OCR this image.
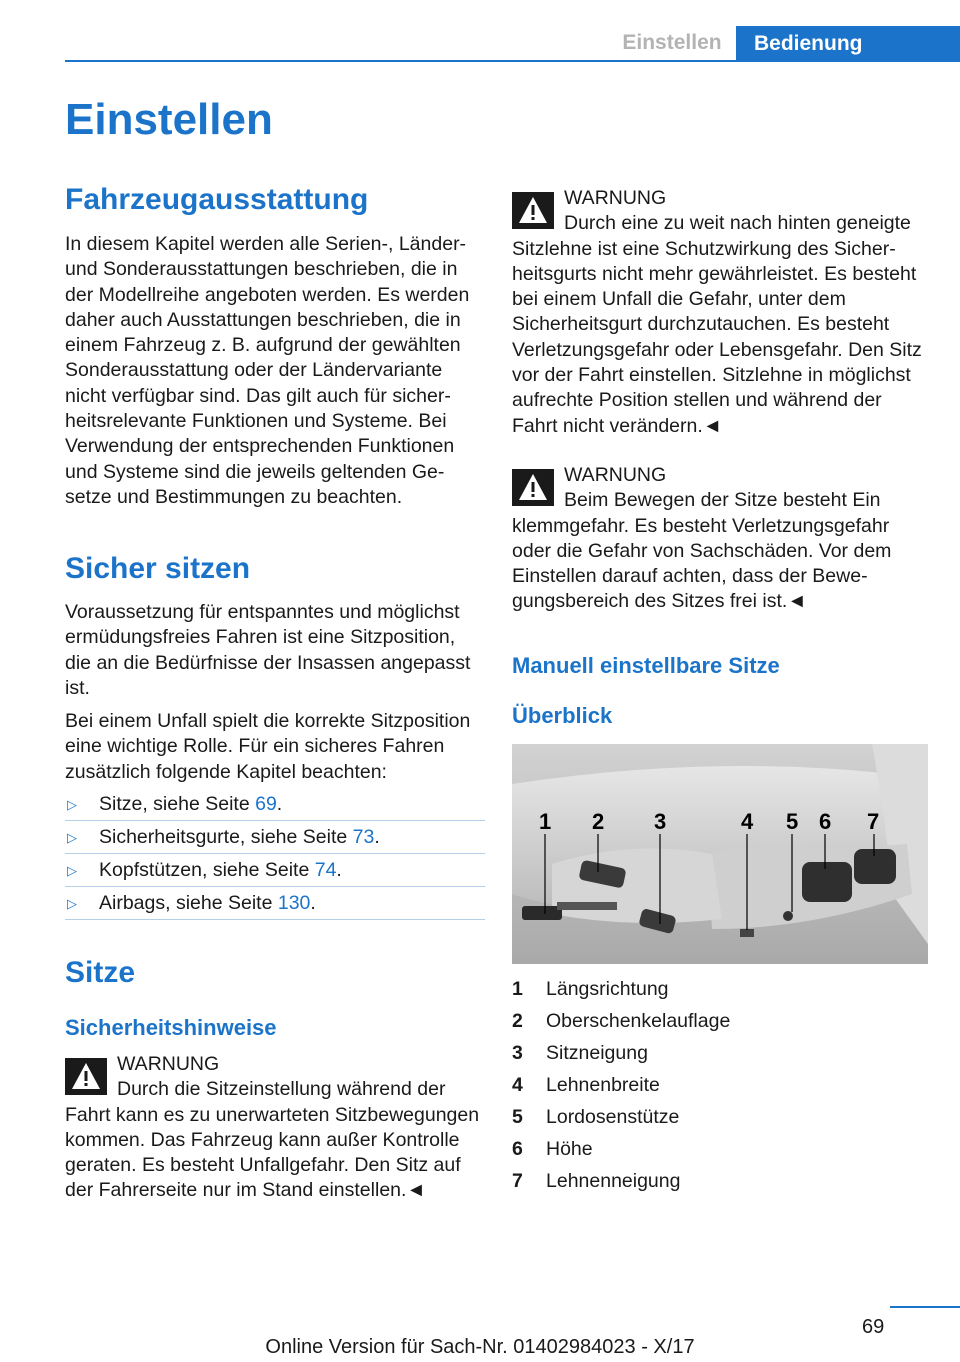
Einstellen	Bedienung
Einstellen
Fahrzeugausstattung

In diesem Kapitel werden alle Serien-, Länder- und Sonderausstattungen beschrieben, die in der Modellreihe angeboten werden. Es werden daher auch Ausstattungen beschrieben, die in einem Fahrzeug z. B. aufgrund der gewählten Sonderausstattung oder der Ländervariante nicht verfügbar sind. Das gilt auch für sicherheitsrelevante Funktionen und Systeme. Bei Verwendung der entsprechenden Funktionen und Systeme sind die jeweils geltenden Gesetze und Bestimmungen zu beachten.

Sicher sitzen

Voraussetzung für entspanntes und möglichst ermüdungsfreies Fahren ist eine Sitzposition, die an die Bedürfnisse der Insassen angepasst ist.

Bei einem Unfall spielt die korrekte Sitzposition eine wichtige Rolle. Für ein sicheres Fahren zusätzlich folgende Kapitel beachten:

▷ Sitze, siehe Seite 69.
▷ Sicherheitsgurte, siehe Seite 73.
▷ Kopfstützen, siehe Seite 74.
▷ Airbags, siehe Seite 130.
Sitze
Sicherheitshinweise
WARNUNG
Durch die Sitzeinstellung während der
Fahrt kann es zu unerwarteten Sitzbewegungen kommen. Das Fahrzeug kann außer Kontrolle geraten. Es besteht Unfallgefahr. Den Sitz auf der Fahrerseite nur im Stand einstellen.◄
WARNUNG
Durch eine zu weit nach hinten geneigte
Sitzlehne ist eine Schutzwirkung des Sicherheitsgurts nicht mehr gewährleistet. Es besteht bei einem Unfall die Gefahr, unter dem Sicherheitsgurt durchzutauchen. Es besteht Verletzungsgefahr oder Lebensgefahr. Den Sitz vor der Fahrt einstellen. Sitzlehne in möglichst aufrechte Position stellen und während der Fahrt nicht verändern.◄
WARNUNG
Beim Bewegen der Sitze besteht Ein
klemmgefahr. Es besteht Verletzungsgefahr oder die Gefahr von Sachschäden. Vor dem Einstellen darauf achten, dass der Bewegungsbereich des Sitzes frei ist.◄
Manuell einstellbare Sitze
Überblick
1 2 3	4 5 6 7
1	Längsrichtung
2	Oberschenkelauflage
3	Sitzneigung
4	Lehnenbreite
5	Lordosenstütze
6	Höhe
7	Lehnenneigung
69
Online Version für Sach-Nr. 01402984023 - X/17
